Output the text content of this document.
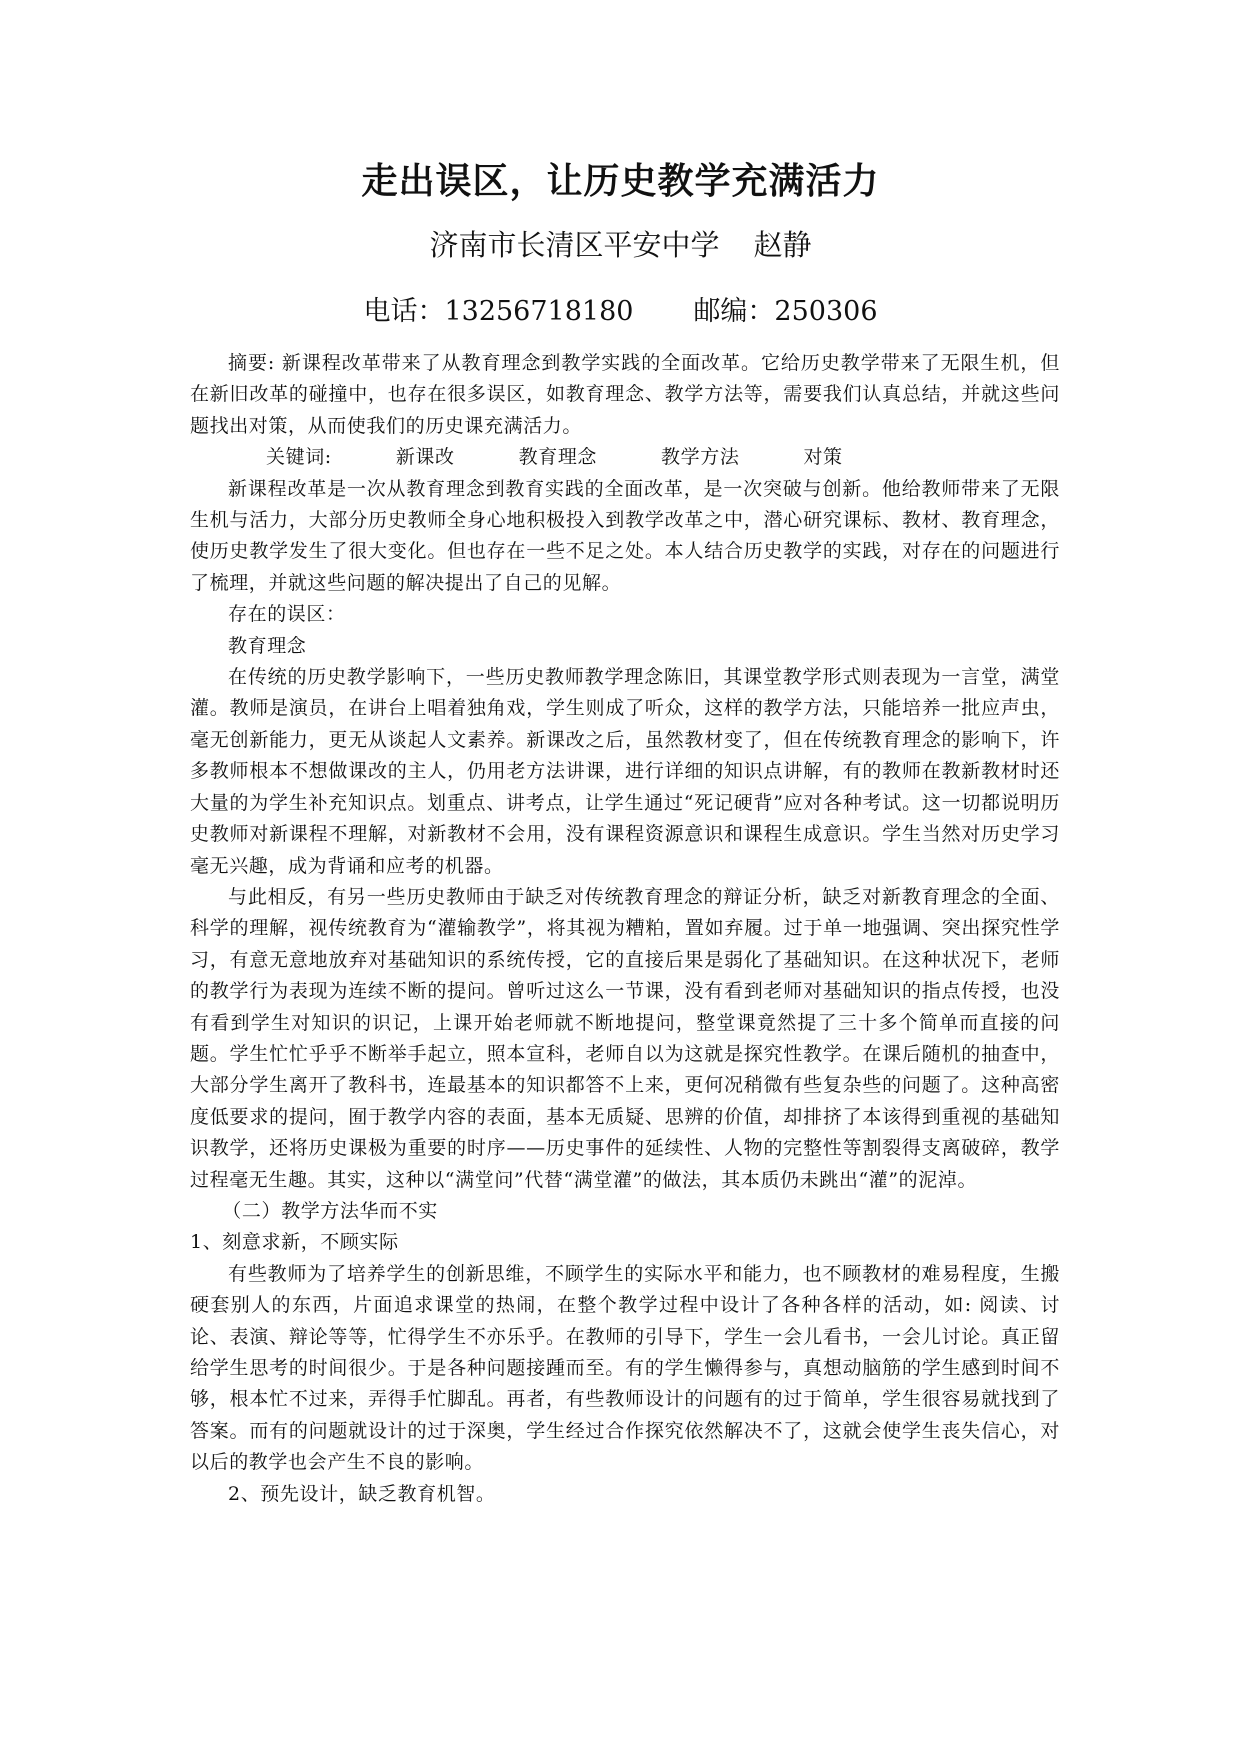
走出误区，让历史教学充满活力
济南市长清区平安中学 赵静
电话：13256718180 邮编：250306

摘要: 新课程改革带来了从教育理念到教学实践的全面改革。它给历史教学带来了无限生机，但在新旧改革的碰撞中，也存在很多误区，如教育理念、教学方法等，需要我们认真总结，并就这些问题找出对策，从而使我们的历史课充满活力。

关键词:	新课改	教育理念	教学方法	对策

新课程改革是一次从教育理念到教育实践的全面改革，是一次突破与创新。他给教师带来了无限生机与活力，大部分历史教师全身心地积极投入到教学改革之中，潜心研究课标、教材、教育理念，使历史教学发生了很大变化。但也存在一些不足之处。本人结合历史教学的实践，对存在的问题进行了梳理，并就这些问题的解决提出了自己的见解。

存在的误区：

教育理念

在传统的历史教学影响下，一些历史教师教学理念陈旧，其课堂教学形式则表现为一言堂，满堂灌。教师是演员，在讲台上唱着独角戏，学生则成了听众，这样的教学方法，只能培养一批应声虫，毫无创新能力，更无从谈起人文素养。新课改之后，虽然教材变了，但在传统教育理念的影响下，许多教师根本不想做课改的主人，仍用老方法讲课，进行详细的知识点讲解，有的教师在教新教材时还大量的为学生补充知识点。划重点、讲考点，让学生通过“死记硬背”应对各种考试。这一切都说明历史教师对新课程不理解，对新教材不会用，没有课程资源意识和课程生成意识。学生当然对历史学习毫无兴趣，成为背诵和应考的机器。

与此相反，有另一些历史教师由于缺乏对传统教育理念的辩证分析，缺乏对新教育理念的全面、科学的理解，视传统教育为“灌输教学”，将其视为糟粕，置如弃履。过于单一地强调、突出探究性学习，有意无意地放弃对基础知识的系统传授，它的直接后果是弱化了基础知识。在这种状况下，老师的教学行为表现为连续不断的提问。曾听过这么一节课，没有看到老师对基础知识的指点传授，也没有看到学生对知识的识记，上课开始老师就不断地提问，整堂课竟然提了三十多个简单而直接的问题。学生忙忙乎乎不断举手起立，照本宣科，老师自以为这就是探究性教学。在课后随机的抽查中，大部分学生离开了教科书，连最基本的知识都答不上来，更何况稍微有些复杂些的问题了。这种高密度低要求的提问，囿于教学内容的表面，基本无质疑、思辨的价值，却排挤了本该得到重视的基础知识教学，还将历史课极为重要的时序——历史事件的延续性、人物的完整性等割裂得支离破碎，教学过程毫无生趣。其实，这种以“满堂问”代替“满堂灌”的做法，其本质仍未跳出“灌”的泥淖。

（二）教学方法华而不实

1、刻意求新，不顾实际

有些教师为了培养学生的创新思维，不顾学生的实际水平和能力，也不顾教材的难易程度，生搬硬套别人的东西，片面追求课堂的热闹，在整个教学过程中设计了各种各样的活动，如: 阅读、讨论、表演、辩论等等，忙得学生不亦乐乎。在教师的引导下，学生一会儿看书，一会儿讨论。真正留给学生思考的时间很少。于是各种问题接踵而至。有的学生懒得参与，真想动脑筋的学生感到时间不够，根本忙不过来，弄得手忙脚乱。再者，有些教师设计的问题有的过于简单，学生很容易就找到了答案。而有的问题就设计的过于深奥，学生经过合作探究依然解决不了，这就会使学生丧失信心，对以后的教学也会产生不良的影响。

2、预先设计，缺乏教育机智。
